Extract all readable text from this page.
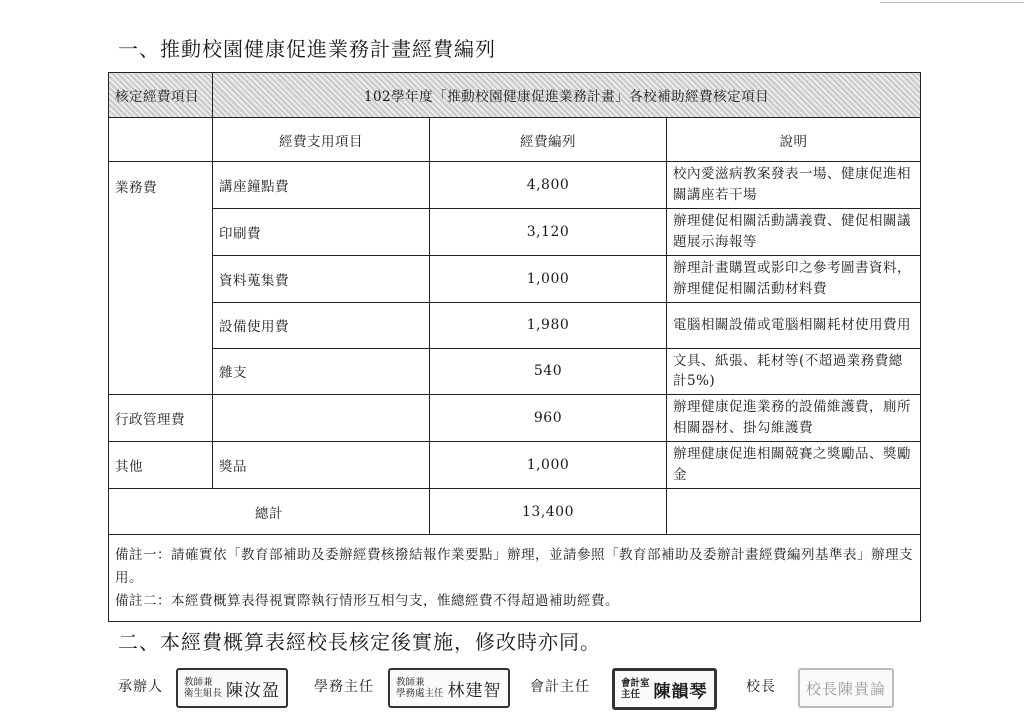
一、推動校園健康促進業務計畫經費編列
核定經費項目	102學年度「推動校園健康促進業務計畫」各校補助經費核定項目		
	經費支用項目	經費編列	說明
業務費	講座鐘點費	4,800	校內愛滋病教案發表一場、健康促進相關講座若干場
	印刷費	3,120	辦理健促相關活動講義費、健促相關議題展示海報等
	資料蒐集費	1,000	辦理計畫購置或影印之參考圖書資料，辦理健促相關活動材料費
	設備使用費	1,980	電腦相關設備或電腦相關耗材使用費用
	雜支	540	文具、紙張、耗材等(不超過業務費總計5%)
行政管理費		960	辦理健康促進業務的設備維護費，廁所相關器材、掛勾維護費
其他	獎品	1,000	辦理健康促進相關競賽之獎勵品、獎勵金
總計		13,400	

備註一：請確實依「教育部補助及委辦經費核撥結報作業要點」辦理，並請參照「教育部補助及委辦計畫經費編列基準表」辦理支用。
備註二：本經費概算表得視實際執行情形互相勻支，惟總經費不得超過補助經費。			
二、本經費概算表經校長核定後實施，修改時亦同。
承辦人 教師兼
衛生組長 陳汝盈 學務主任 教師兼
學務處主任 林建智 會計主任	會計室
主任 陳韻琴	校長 校長陳貴論
